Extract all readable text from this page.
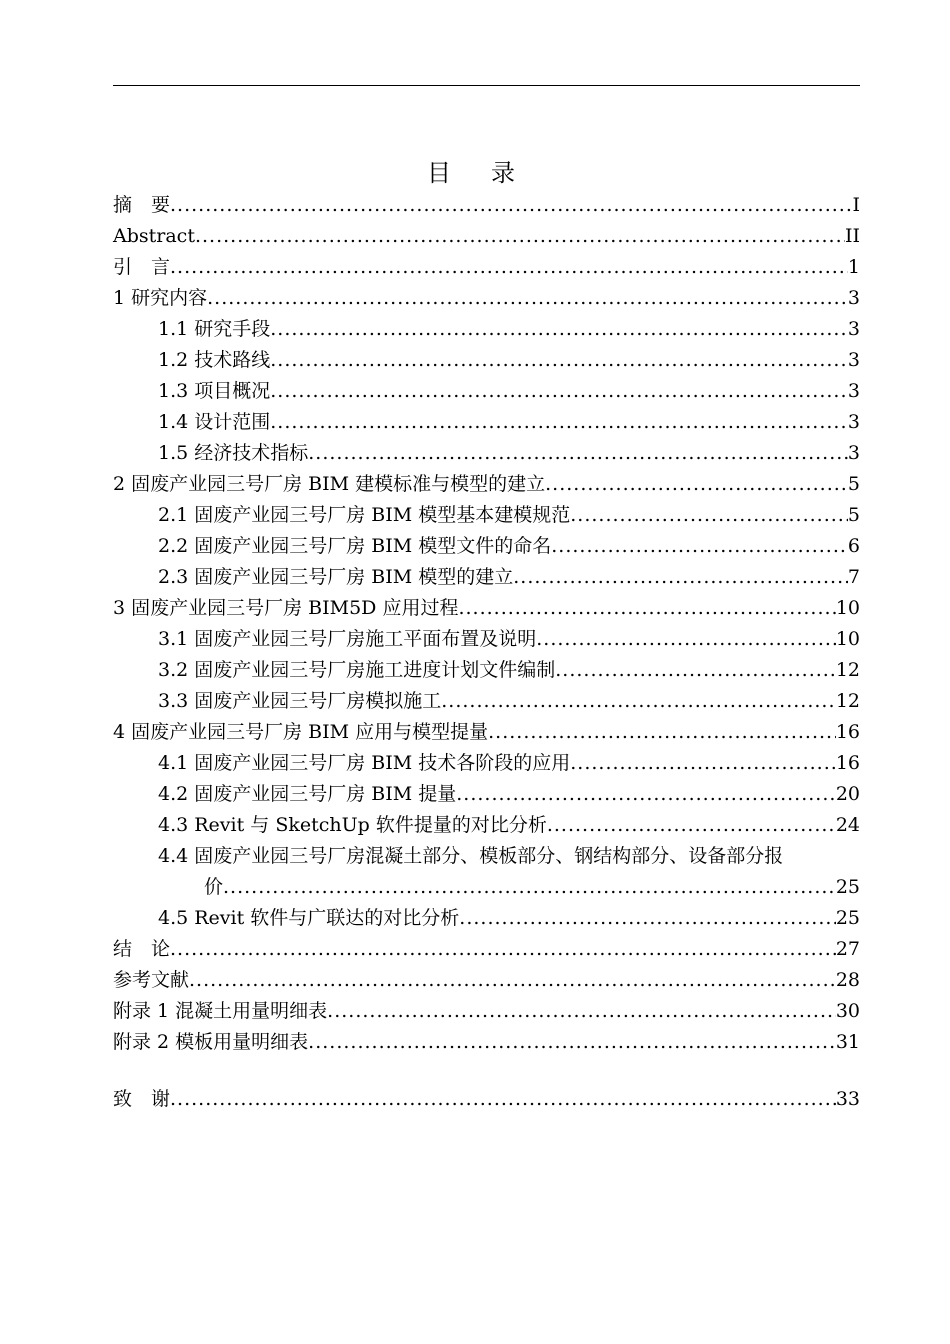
目　录
摘　要 .....	I
Abstract .....	II
引　言 .....	1
1 研究内容 .....	3
1.1 研究手段 .....	3
1.2 技术路线 .....	3
1.3 项目概况 .....	3
1.4 设计范围 .....	3
1.5 经济技术指标 .....	3
2 固废产业园三号厂房 BIM 建模标准与模型的建立 .....	5
2.1 固废产业园三号厂房 BIM 模型基本建模规范 .....	5
2.2 固废产业园三号厂房 BIM 模型文件的命名 .....	6
2.3 固废产业园三号厂房 BIM 模型的建立 .....	7
3 固废产业园三号厂房 BIM5D 应用过程 .....	10
3.1 固废产业园三号厂房施工平面布置及说明 .....	10
3.2 固废产业园三号厂房施工进度计划文件编制 .....	12
3.3 固废产业园三号厂房模拟施工 .....	12
4 固废产业园三号厂房 BIM 应用与模型提量 .....	16
4.1 固废产业园三号厂房 BIM 技术各阶段的应用 .....	16
4.2 固废产业园三号厂房 BIM 提量 .....	20
4.3 Revit 与 SketchUp 软件提量的对比分析 .....	24
4.4 固废产业园三号厂房混凝土部分、模板部分、钢结构部分、设备部分报
价 .....	25
4.5 Revit 软件与广联达的对比分析 .....	25
结　论 .....	27
参考文献 .....	28
附录 1 混凝土用量明细表 .....	30
附录 2 模板用量明细表 .....	31
致　谢 .....	33
